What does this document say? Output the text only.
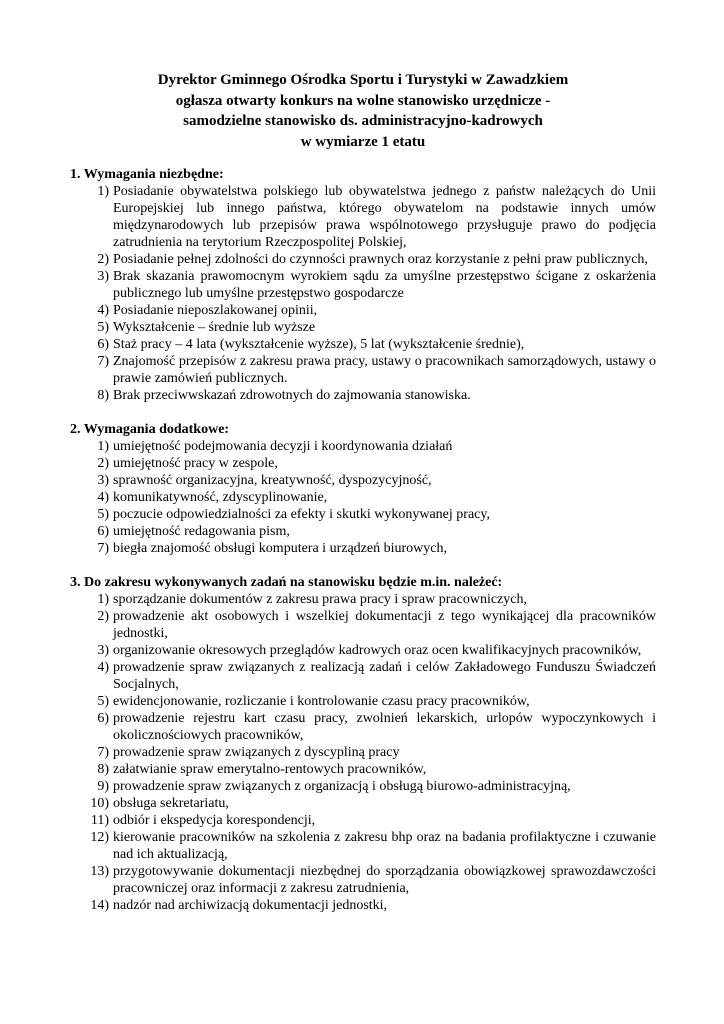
Dyrektor Gminnego Ośrodka Sportu i Turystyki w Zawadzkiem
ogłasza otwarty konkurs na wolne stanowisko urzędnicze -
samodzielne stanowisko ds. administracyjno-kadrowych
w wymiarze 1 etatu
1. Wymagania niezbędne:
1) Posiadanie obywatelstwa polskiego lub obywatelstwa jednego z państw należących do Unii Europejskiej lub innego państwa, którego obywatelom na podstawie innych umów międzynarodowych lub przepisów prawa wspólnotowego przysługuje prawo do podjęcia zatrudnienia na terytorium Rzeczpospolitej Polskiej,
2) Posiadanie pełnej zdolności do czynności prawnych oraz korzystanie z pełni praw publicznych,
3) Brak skazania prawomocnym wyrokiem sądu za umyślne przestępstwo ścigane z oskarżenia publicznego lub umyślne przestępstwo gospodarcze
4) Posiadanie nieposzlakowanej opinii,
5) Wykształcenie – średnie lub wyższe
6) Staż pracy – 4 lata (wykształcenie wyższe), 5 lat (wykształcenie średnie),
7) Znajomość przepisów z zakresu prawa pracy, ustawy o pracownikach samorządowych, ustawy o prawie zamówień publicznych.
8) Brak przeciwwskazań zdrowotnych do zajmowania stanowiska.
2. Wymagania dodatkowe:
1) umiejętność podejmowania decyzji i koordynowania działań
2) umiejętność pracy w zespole,
3) sprawność organizacyjna, kreatywność, dyspozycyjność,
4) komunikatywność, zdyscyplinowanie,
5) poczucie odpowiedzialności za efekty i skutki wykonywanej pracy,
6) umiejętność redagowania pism,
7) biegła znajomość obsługi komputera i urządzeń biurowych,
3. Do zakresu wykonywanych zadań na stanowisku będzie m.in. należeć:
1) sporządzanie dokumentów z zakresu prawa pracy i spraw pracowniczych,
2) prowadzenie akt osobowych i wszelkiej dokumentacji z tego wynikającej dla pracowników jednostki,
3) organizowanie okresowych przeglądów kadrowych oraz ocen kwalifikacyjnych pracowników,
4) prowadzenie spraw związanych z realizacją zadań i celów Zakładowego Funduszu Świadczeń Socjalnych,
5) ewidencjonowanie, rozliczanie i kontrolowanie czasu pracy pracowników,
6) prowadzenie rejestru kart czasu pracy, zwolnień lekarskich, urlopów wypoczynkowych i okolicznościowych pracowników,
7) prowadzenie spraw związanych z dyscypliną pracy
8) załatwianie spraw emerytalno-rentowych pracowników,
9) prowadzenie spraw związanych z organizacją i obsługą biurowo-administracyjną,
10) obsługa sekretariatu,
11) odbiór i ekspedycja korespondencji,
12) kierowanie pracowników na szkolenia z zakresu bhp oraz na badania profilaktyczne i czuwanie nad ich aktualizacją,
13) przygotowywanie dokumentacji niezbędnej do sporządzania obowiązkowej sprawozdawczości pracowniczej oraz informacji z zakresu zatrudnienia,
14) nadzór nad archiwizacją dokumentacji jednostki,
